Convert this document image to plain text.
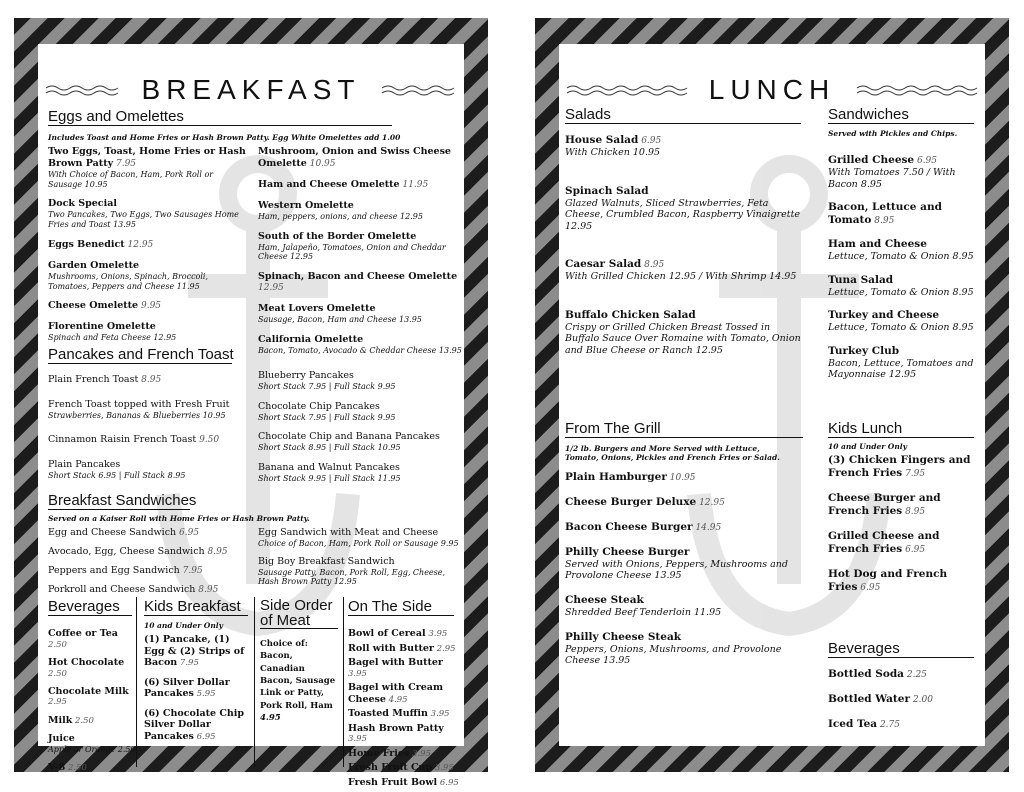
BREAKFAST
Eggs and Omelettes
Includes Toast and Home Fries or Hash Brown Patty. Egg White Omelettes add 1.00
Two Eggs, Toast, Home Fries or Hash Brown Patty 7.95
With Choice of Bacon, Ham, Pork Roll or Sausage 10.95
Dock Special
Two Pancakes, Two Eggs, Two Sausages Home Fries and Toast 13.95
Eggs Benedict 12.95
Garden Omelette
Mushrooms, Onions, Spinach, Broccoli, Tomatoes, Peppers and Cheese 11.95
Cheese Omelette 9.95
Florentine Omelette
Spinach and Feta Cheese 12.95
Mushroom, Onion and Swiss Cheese Omelette 10.95
Ham and Cheese Omelette 11.95
Western Omelette
Ham, peppers, onions, and cheese 12.95
South of the Border Omelette
Ham, Jalapeño, Tomatoes, Onion and Cheddar Cheese 12.95
Spinach, Bacon and Cheese Omelette 12.95
Meat Lovers Omelette
Sausage, Bacon, Ham and Cheese 13.95
California Omelette
Bacon, Tomato, Avocado & Cheddar Cheese 13.95
Pancakes and French Toast
Plain French Toast 8.95
French Toast topped with Fresh Fruit
Strawberries, Bananas & Blueberries 10.95
Cinnamon Raisin French Toast 9.50
Plain Pancakes
Short Stack 6.95 | Full Stack 8.95
Blueberry Pancakes
Short Stack 7.95 | Full Stack 9.95
Chocolate Chip Pancakes
Short Stack 7.95 | Full Stack 9.95
Chocolate Chip and Banana Pancakes
Short Stack 8.95 | Full Stack 10.95
Banana and Walnut Pancakes
Short Stack 9.95 | Full Stack 11.95
Breakfast Sandwiches
Served on a Kaiser Roll with Home Fries or Hash Brown Patty.
Egg and Cheese Sandwich 6.95
Avocado, Egg, Cheese Sandwich 8.95
Peppers and Egg Sandwich 7.95
Porkroll and Cheese Sandwich 8.95
Egg Sandwich with Meat and Cheese
Choice of Bacon, Ham, Pork Roll or Sausage 9.95
Big Boy Breakfast Sandwich
Sausage Patty, Bacon, Pork Roll, Egg, Cheese, Hash Brown Patty 12.95
Beverages
Coffee or Tea 2.50
Hot Chocolate 2.50
Chocolate Milk 2.95
Milk 2.50
Juice
Apple or Orange 2.50
V-8 2.50
Kids Breakfast
10 and Under Only
(1) Pancake, (1) Egg & (2) Strips of Bacon 7.95
(6) Silver Dollar Pancakes 5.95
(6) Chocolate Chip Silver Dollar Pancakes 6.95
Side Order
of Meat
Choice of: Bacon, Canadian Bacon, Sausage Link or Patty, Pork Roll, Ham 4.95
On The Side
Bowl of Cereal 3.95
Roll with Butter 2.95
Bagel with Butter 3.95
Bagel with Cream Cheese 4.95
Toasted Muffin 3.95
Hash Brown Patty 3.95
Home Fries 3.95
Fresh Fruit Cup 3.95
Fresh Fruit Bowl 6.95
LUNCH
Salads
House Salad 6.95
With Chicken 10.95
Spinach Salad
Glazed Walnuts, Sliced Strawberries, Feta Cheese, Crumbled Bacon, Raspberry Vinaigrette 12.95
Caesar Salad 8.95
With Grilled Chicken 12.95 / With Shrimp 14.95
Buffalo Chicken Salad
Crispy or Grilled Chicken Breast Tossed in Buffalo Sauce Over Romaine with Tomato, Onion and Blue Cheese or Ranch 12.95
From The Grill
1/2 lb. Burgers and More Served with Lettuce, Tomato, Onions, Pickles and French Fries or Salad.
Plain Hamburger 10.95
Cheese Burger Deluxe 12.95
Bacon Cheese Burger 14.95
Philly Cheese Burger
Served with Onions, Peppers, Mushrooms and Provolone Cheese 13.95
Cheese Steak
Shredded Beef Tenderloin 11.95
Philly Cheese Steak
Peppers, Onions, Mushrooms, and Provolone Cheese 13.95
Sandwiches
Served with Pickles and Chips.
Grilled Cheese 6.95
With Tomatoes 7.50 / With Bacon 8.95
Bacon, Lettuce and Tomato 8.95
Ham and Cheese
Lettuce, Tomato & Onion 8.95
Tuna Salad
Lettuce, Tomato & Onion 8.95
Turkey and Cheese
Lettuce, Tomato & Onion 8.95
Turkey Club
Bacon, Lettuce, Tomatoes and Mayonnaise 12.95
Kids Lunch
10 and Under Only
(3) Chicken Fingers and French Fries 7.95
Cheese Burger and French Fries 8.95
Grilled Cheese and French Fries 6.95
Hot Dog and French Fries 6.95
Beverages
Bottled Soda 2.25
Bottled Water 2.00
Iced Tea 2.75
